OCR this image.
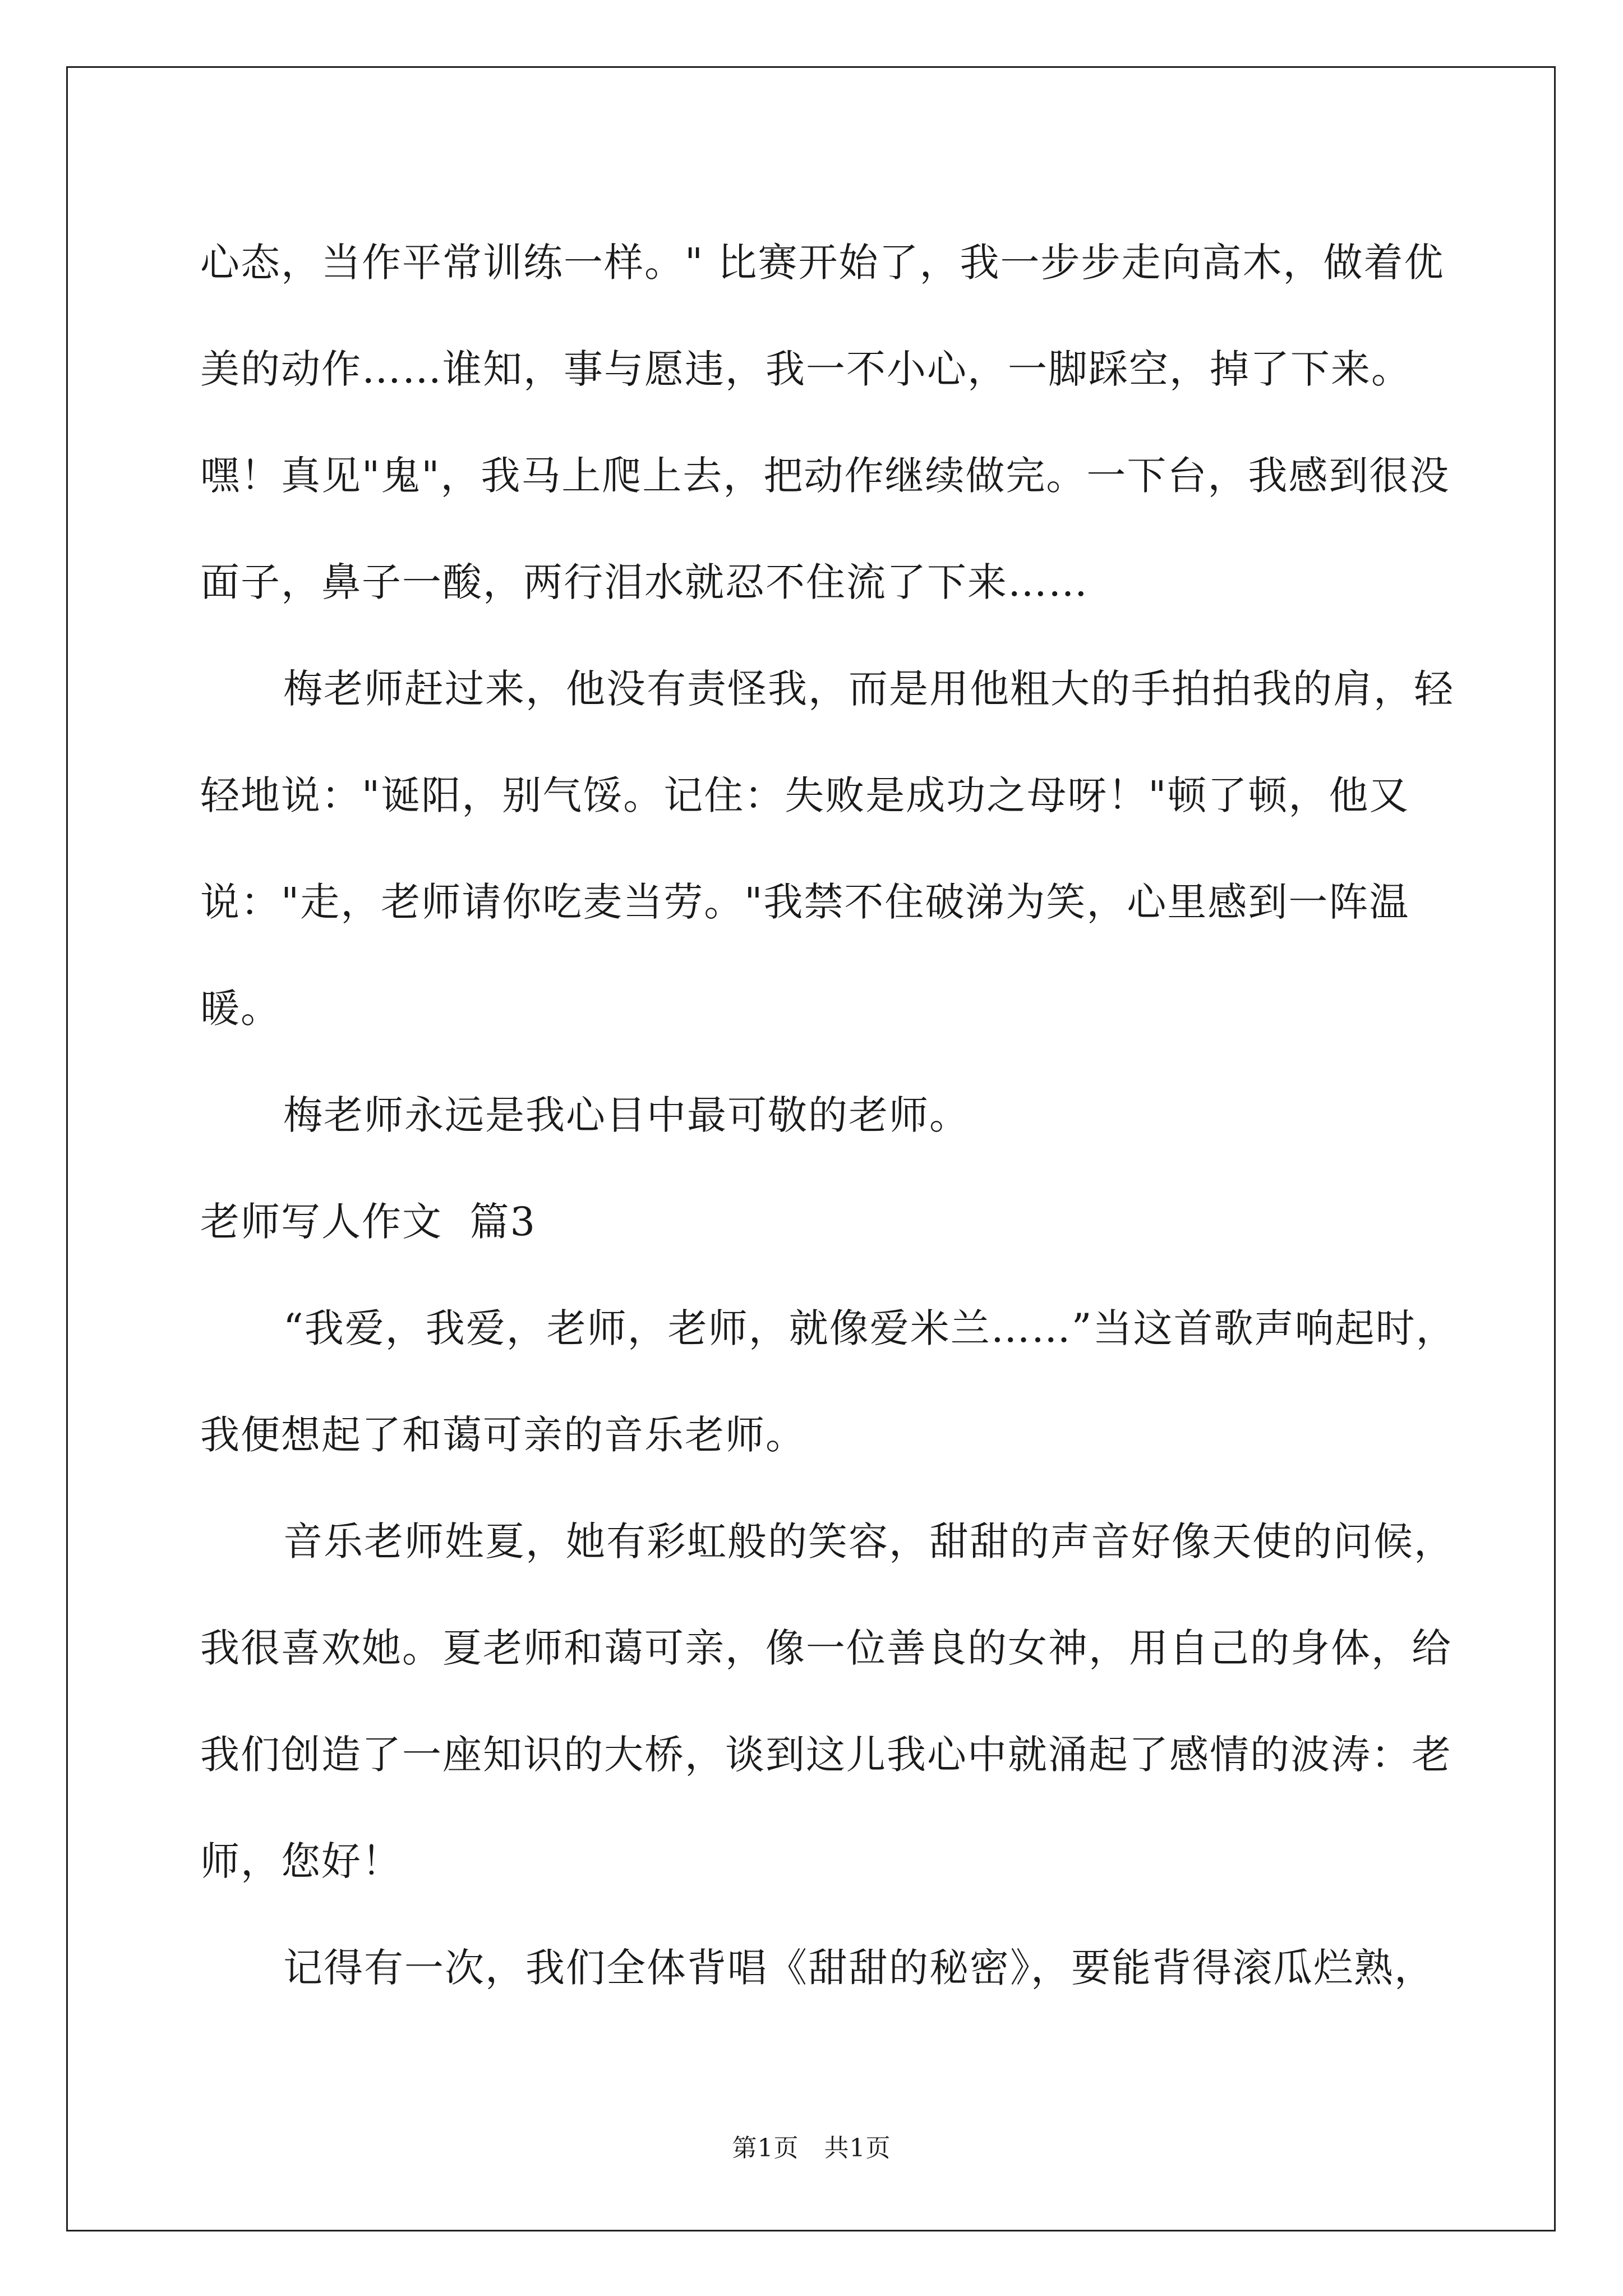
心态，当作平常训练一样。" 比赛开始了，我一步步走向高木，做着优美的动作……谁知，事与愿违，我一不小心，一脚踩空，掉了下来。嘿！真见"鬼"，我马上爬上去，把动作继续做完。一下台，我感到很没面子，鼻子一酸，两行泪水就忍不住流了下来……

梅老师赶过来，他没有责怪我，而是用他粗大的手拍拍我的肩，轻轻地说："诞阳，别气馁。记住：失败是成功之母呀！"顿了顿，他又说："走，老师请你吃麦当劳。"我禁不住破涕为笑，心里感到一阵温暖。

梅老师永远是我心目中最可敬的老师。

老师写人作文  篇3

“我爱，我爱，老师，老师，就像爱米兰……”当这首歌声响起时，我便想起了和蔼可亲的音乐老师。

音乐老师姓夏，她有彩虹般的笑容，甜甜的声音好像天使的问候，我很喜欢她。夏老师和蔼可亲，像一位善良的女神，用自己的身体，给我们创造了一座知识的大桥，谈到这儿我心中就涌起了感情的波涛：老师，您好！

记得有一次，我们全体背唱《甜甜的秘密》，要能背得滚瓜烂熟，

第1页   共1页
